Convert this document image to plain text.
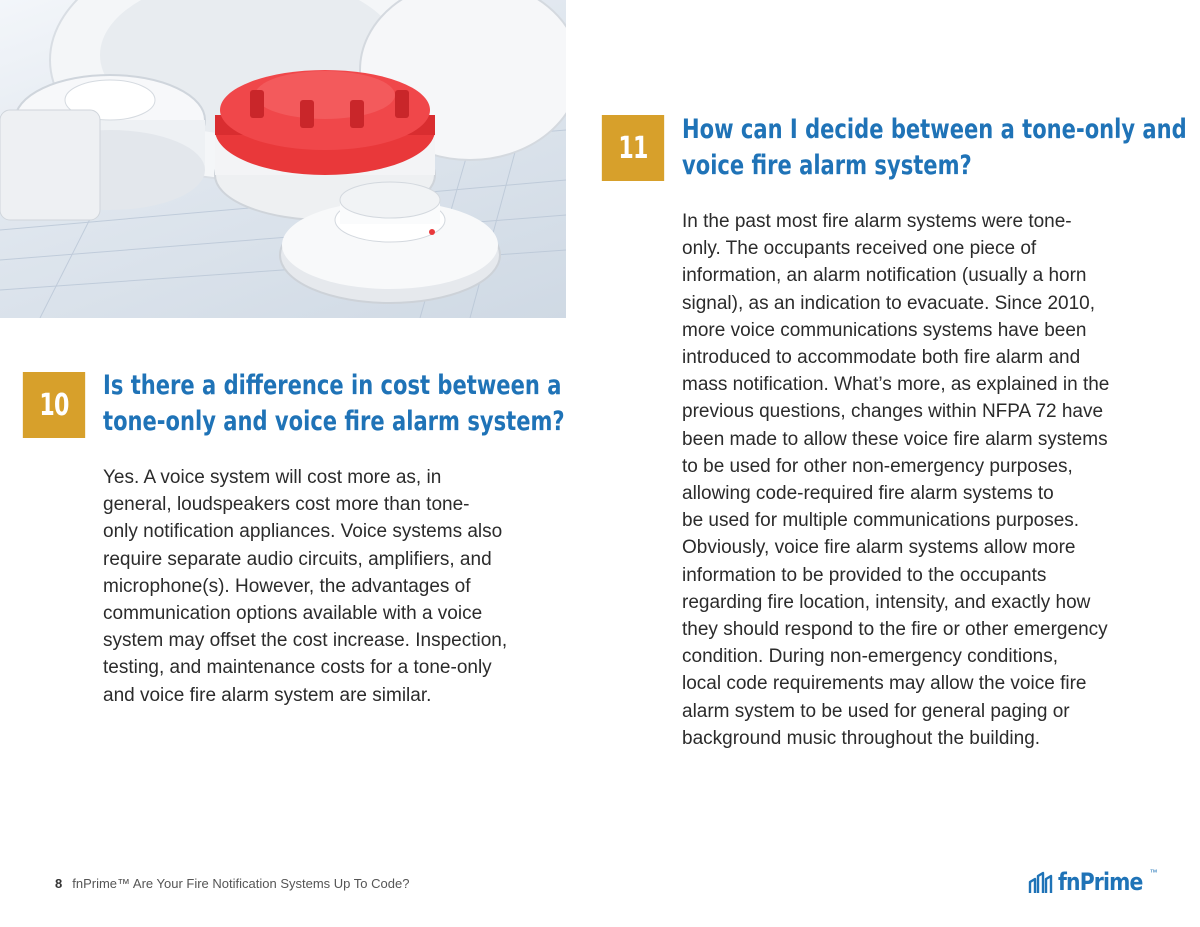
10
Is there a difference in cost between a
tone-only and voice fire alarm system?

Yes. A voice system will cost more as, in
general, loudspeakers cost more than tone-
only notification appliances. Voice systems also
require separate audio circuits, amplifiers, and
microphone(s). However, the advantages of
communication options available with a voice
system may offset the cost increase. Inspection,
testing, and maintenance costs for a tone-only
and voice fire alarm system are similar.

11
How can I decide between a tone-only and
voice fire alarm system?

In the past most fire alarm systems were tone-
only. The occupants received one piece of
information, an alarm notification (usually a horn
signal), as an indication to evacuate. Since 2010,
more voice communications systems have been
introduced to accommodate both fire alarm and
mass notification. What’s more, as explained in the
previous questions, changes within NFPA 72 have
been made to allow these voice fire alarm systems
to be used for other non-emergency purposes,
allowing code-required fire alarm systems to
be used for multiple communications purposes.
Obviously, voice fire alarm systems allow more
information to be provided to the occupants
regarding fire location, intensity, and exactly how
they should respond to the fire or other emergency
condition. During non-emergency conditions,
local code requirements may allow the voice fire
alarm system to be used for general paging or
background music throughout the building.

8 fnPrime™ Are Your Fire Notification Systems Up To Code?	fnPrime ™
